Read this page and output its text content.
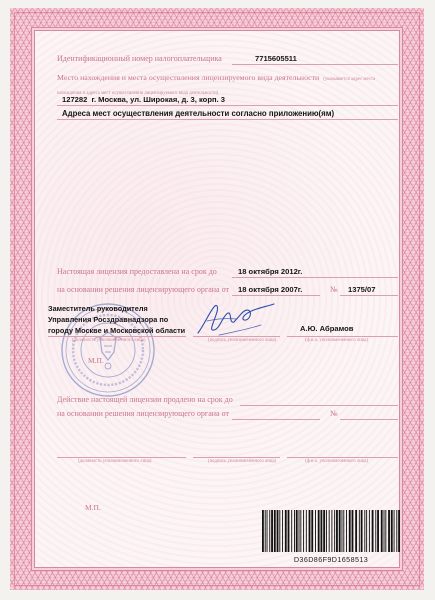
Идентификационный номер налогоплательщика	7715605511
Место нахождения и места осуществления лицензируемого вида деятельности (указывается адрес места нахождения и адреса мест осуществления лицензируемого вида деятельности)
127282  г. Москва, ул. Широкая, д. 3, корп. 3
Адреса мест осуществления деятельности согласно приложению(ям)
Настоящая лицензия предоставлена на срок до	18 октября 2012г.
на основании решения лицензирующего органа от 18 октября 2007г.	№ 1375/07
Заместитель руководителя
Управления Росздравнадзора по
городу Москве и Московской области	А.Ю. Абрамов
(должность уполномоченного лица)	(подпись уполномоченного лица)	(ф.и.о. уполномоченного лица)
М.П.
Действие настоящей лицензии продлено на срок до
на основании решения лицензирующего органа от	№
(должность уполномоченного лица)	(подпись уполномоченного лица)	(ф.и.о. уполномоченного лица)
М.П.
D36D86F9D1658513
